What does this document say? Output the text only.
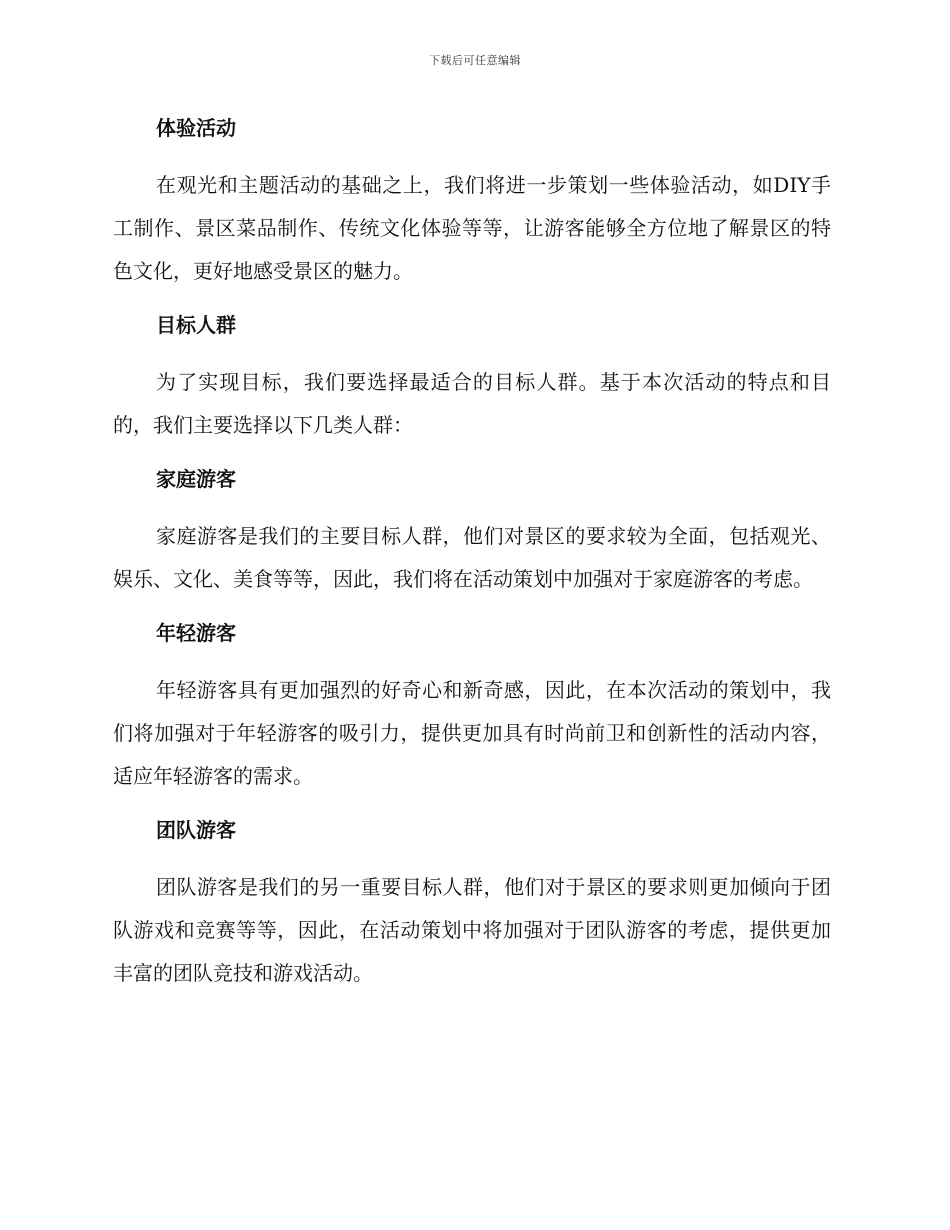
下载后可任意编辑
体验活动

在观光和主题活动的基础之上，我们将进一步策划一些体验活动，如DIY手工制作、景区菜品制作、传统文化体验等等，让游客能够全方位地了解景区的特色文化，更好地感受景区的魅力。

目标人群

为了实现目标，我们要选择最适合的目标人群。基于本次活动的特点和目的，我们主要选择以下几类人群：

家庭游客

家庭游客是我们的主要目标人群，他们对景区的要求较为全面，包括观光、娱乐、文化、美食等等，因此，我们将在活动策划中加强对于家庭游客的考虑。

年轻游客

年轻游客具有更加强烈的好奇心和新奇感，因此，在本次活动的策划中，我们将加强对于年轻游客的吸引力，提供更加具有时尚前卫和创新性的活动内容，适应年轻游客的需求。

团队游客

团队游客是我们的另一重要目标人群，他们对于景区的要求则更加倾向于团队游戏和竞赛等等，因此，在活动策划中将加强对于团队游客的考虑，提供更加丰富的团队竞技和游戏活动。
